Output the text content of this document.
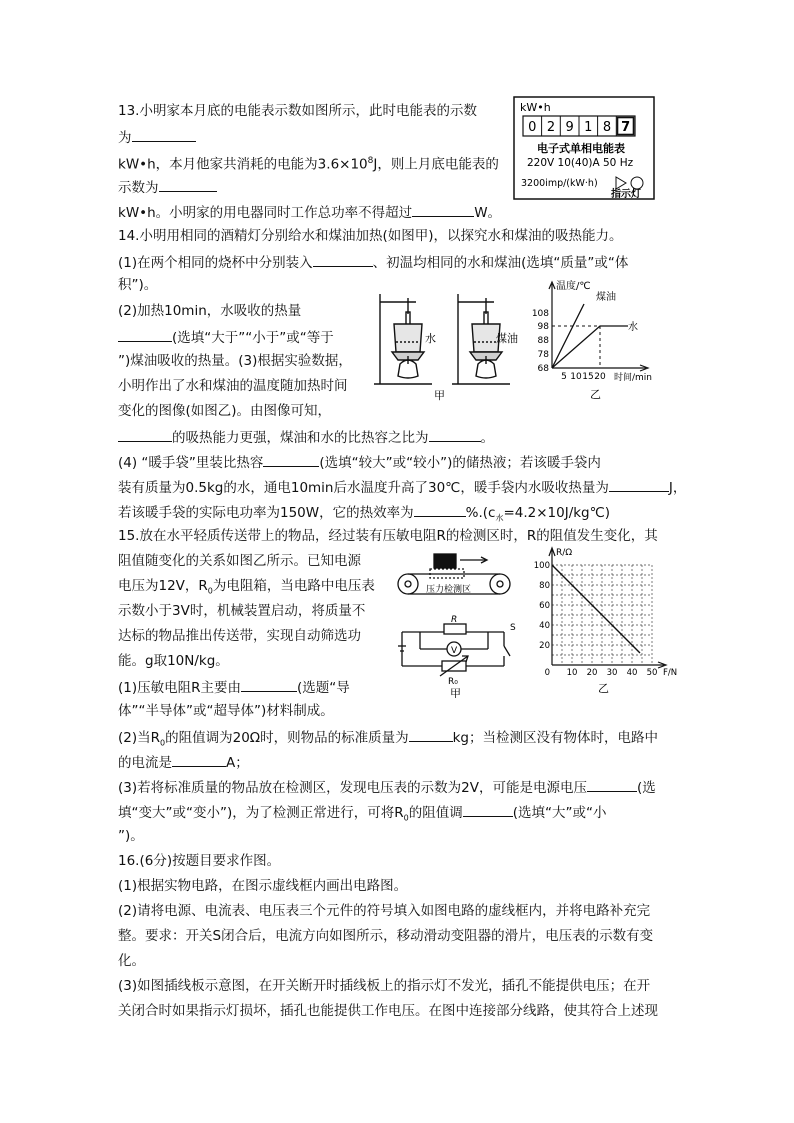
13.小明家本月底的电能表示数如图所示，此时电能表的示数
为
kW•h，本月他家共消耗的电能为$3.6\times 10^8J$，则上月底电能表的
示数为
kW•h。小明家的用电器同时工作总功率不得超过	W。
kW•h
0 2 9 1 8 7
电子式单相电能表
220V 10(40)A 50 Hz
3200imp/(kW·h)
指示灯
14.小明用相同的酒精灯分别给水和煤油加热(如图甲)，以探究水和煤油的吸热能力。
(1)在两个相同的烧杯中分别装入	、初温均相同的水和煤油(选填“质量”或“体
积”)。
(2)加热10min，水吸收的热量
(选填“大于”“小于”或“等于
”)煤油吸收的热量。(3)根据实验数据，
小明作出了水和煤油的温度随加热时间
变化的图像(如图乙)。由图像可知，
的吸热能力更强，煤油和水的比热容之比为	。
(4) “暖手袋”里装比热容	(选填“较大”或“较小”)的储热液；若该暖手袋内
装有质量为0.5kg的水，通电10min后水温度升高了30℃，暖手袋内水吸收热量为	J，
若该暖手袋的实际电功率为150W，它的热效率为	$\%.(c_水=4.2\times 10J/kg℃)$
水	煤油
甲
温度/℃
煤油
水
108
98
88
78
68
5 10 15 20 时间/min
乙
15.放在水平轻质传送带上的物品，经过装有压敏电阻R的检测区时，R的阻值发生变化，其
阻值随变化的关系如图乙所示。已知电源
电压为12V，$R_0$为电阻箱，当电路中电压表
示数小于3V时，机械装置启动，将质量不
达标的物品推出传送带，实现自动筛选功
能。g取10N/kg。
(1)压敏电阻R主要由	(选题“导
体”“半导体”或“超导体”)材料制成。
(2)当$R_0$的阻值调为20Ω时，则物品的标准质量为	kg；当检测区没有物体时，电路中
的电流是	A；
(3)若将标准质量的物品放在检测区，发现电压表的示数为2V，可能是电源电压	(选
填“变大”或“变小”)，为了检测正常进行，可将$R_0$的阻值调	(选填“大”或“小
”)。
压力检测区
R
V
S
R₀
甲
R/Ω
100
80
60
40
20
0 10 20 30 40 50 F/N
乙
16.(6分)按题目要求作图。
(1)根据实物电路，在图示虚线框内画出电路图。
(2)请将电源、电流表、电压表三个元件的符号填入如图电路的虚线框内，并将电路补充完
整。要求：开关S闭合后，电流方向如图所示，移动滑动变阻器的滑片，电压表的示数有变
化。
(3)如图插线板示意图，在开关断开时插线板上的指示灯不发光，插孔不能提供电压；在开
关闭合时如果指示灯损坏，插孔也能提供工作电压。在图中连接部分线路，使其符合上述现
